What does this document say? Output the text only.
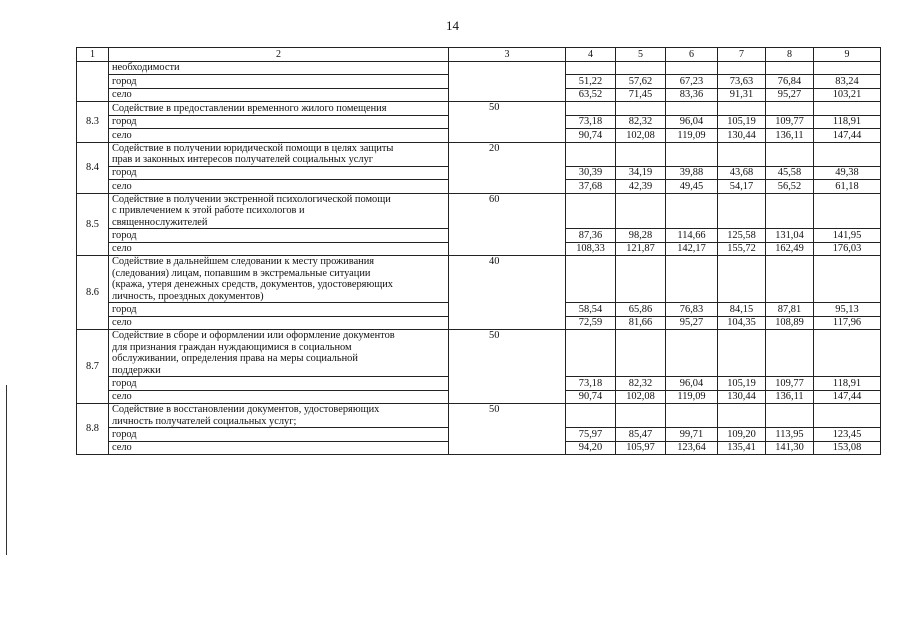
14
1	2	3	4	5	6	7	8	9
	необходимости							
	город		51,22	57,62	67,23	73,63	76,84	83,24
	село		63,52	71,45	83,36	91,31	95,27	103,21
8.3	Содействие в предоставлении временного жилого помещения	50						
	город		73,18	82,32	96,04	105,19	109,77	118,91
	село		90,74	102,08	119,09	130,44	136,11	147,44
8.4	Содействие в получении юридической помощи в целях защиты
прав и законных интересов получателей социальных услуг	20						
	город		30,39	34,19	39,88	43,68	45,58	49,38
	село		37,68	42,39	49,45	54,17	56,52	61,18
8.5	Содействие в получении экстренной психологической помощи
с привлечением к этой работе психологов и
священнослужителей	60						
	город		87,36	98,28	114,66	125,58	131,04	141,95
	село		108,33	121,87	142,17	155,72	162,49	176,03
8.6	Содействие в дальнейшем следовании к месту проживания
(следования) лицам, попавшим в экстремальные ситуации
(кража, утеря денежных средств, документов, удостоверяющих
личность, проездных документов)	40						
	город		58,54	65,86	76,83	84,15	87,81	95,13
	село		72,59	81,66	95,27	104,35	108,89	117,96
8.7	Содействие в сборе и оформлении или оформление документов
для признания граждан нуждающимися в социальном
обслуживании, определения права на меры социальной
поддержки	50						
	город		73,18	82,32	96,04	105,19	109,77	118,91
	село		90,74	102,08	119,09	130,44	136,11	147,44
8.8	Содействие в восстановлении документов, удостоверяющих
личность получателей социальных услуг;	50						
	город		75,97	85,47	99,71	109,20	113,95	123,45
	село		94,20	105,97	123,64	135,41	141,30	153,08
